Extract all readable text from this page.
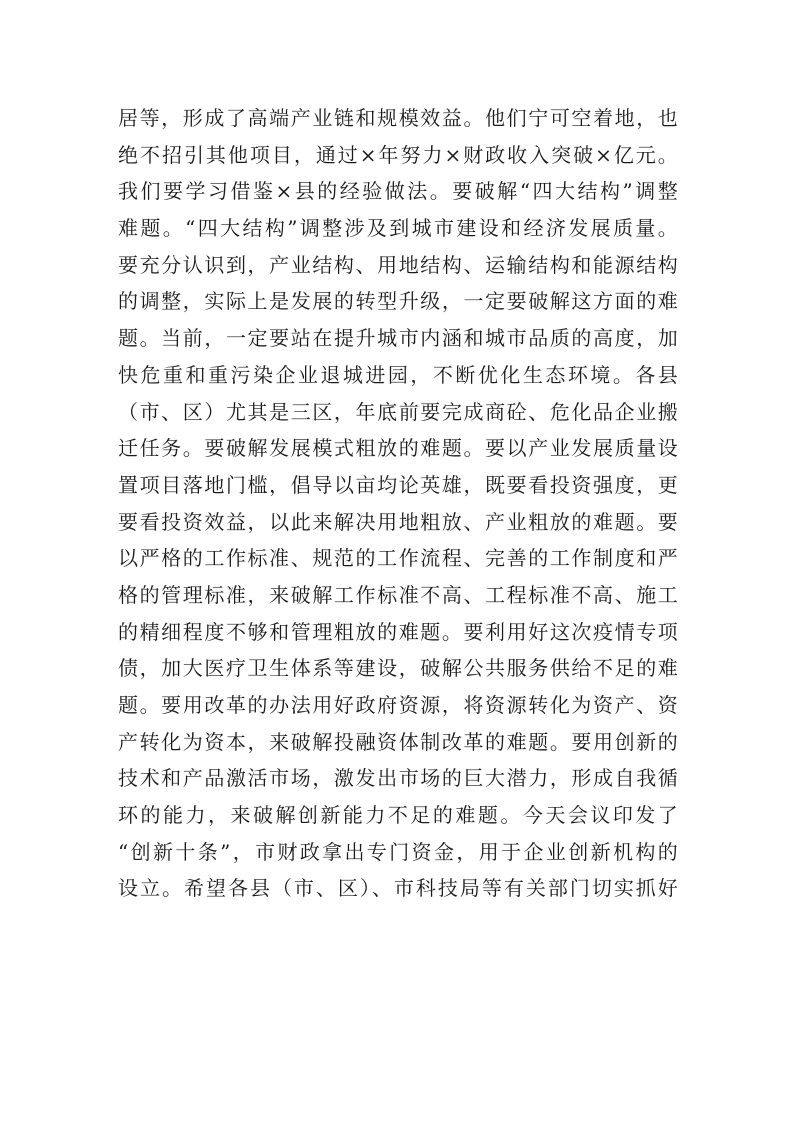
居等，形成了高端产业链和规模效益。他们宁可空着地，也
绝不招引其他项目，通过×年努力×财政收入突破×亿元。
我们要学习借鉴×县的经验做法。要破解“四大结构”调整
难题。“四大结构”调整涉及到城市建设和经济发展质量。
要充分认识到，产业结构、用地结构、运输结构和能源结构
的调整，实际上是发展的转型升级，一定要破解这方面的难
题。当前，一定要站在提升城市内涵和城市品质的高度，加
快危重和重污染企业退城进园，不断优化生态环境。各县
（市、区）尤其是三区，年底前要完成商砼、危化品企业搬
迁任务。要破解发展模式粗放的难题。要以产业发展质量设
置项目落地门槛，倡导以亩均论英雄，既要看投资强度，更
要看投资效益，以此来解决用地粗放、产业粗放的难题。要
以严格的工作标准、规范的工作流程、完善的工作制度和严
格的管理标准，来破解工作标准不高、工程标准不高、施工
的精细程度不够和管理粗放的难题。要利用好这次疫情专项
债，加大医疗卫生体系等建设，破解公共服务供给不足的难
题。要用改革的办法用好政府资源，将资源转化为资产、资
产转化为资本，来破解投融资体制改革的难题。要用创新的
技术和产品激活市场，激发出市场的巨大潜力，形成自我循
环的能力，来破解创新能力不足的难题。今天会议印发了
“创新十条”，市财政拿出专门资金，用于企业创新机构的
设立。希望各县（市、区）、市科技局等有关部门切实抓好
